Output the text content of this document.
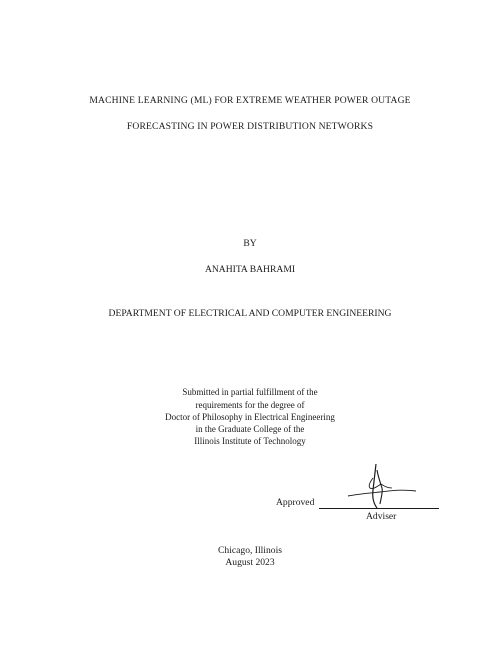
MACHINE LEARNING (ML) FOR EXTREME WEATHER POWER OUTAGE
FORECASTING IN POWER DISTRIBUTION NETWORKS
BY
ANAHITA BAHRAMI
DEPARTMENT OF ELECTRICAL AND COMPUTER ENGINEERING
Submitted in partial fulfillment of the
requirements for the degree of
Doctor of Philosophy in Electrical Engineering
in the Graduate College of the
Illinois Institute of Technology
Approved
Adviser
Chicago, Illinois
August 2023
